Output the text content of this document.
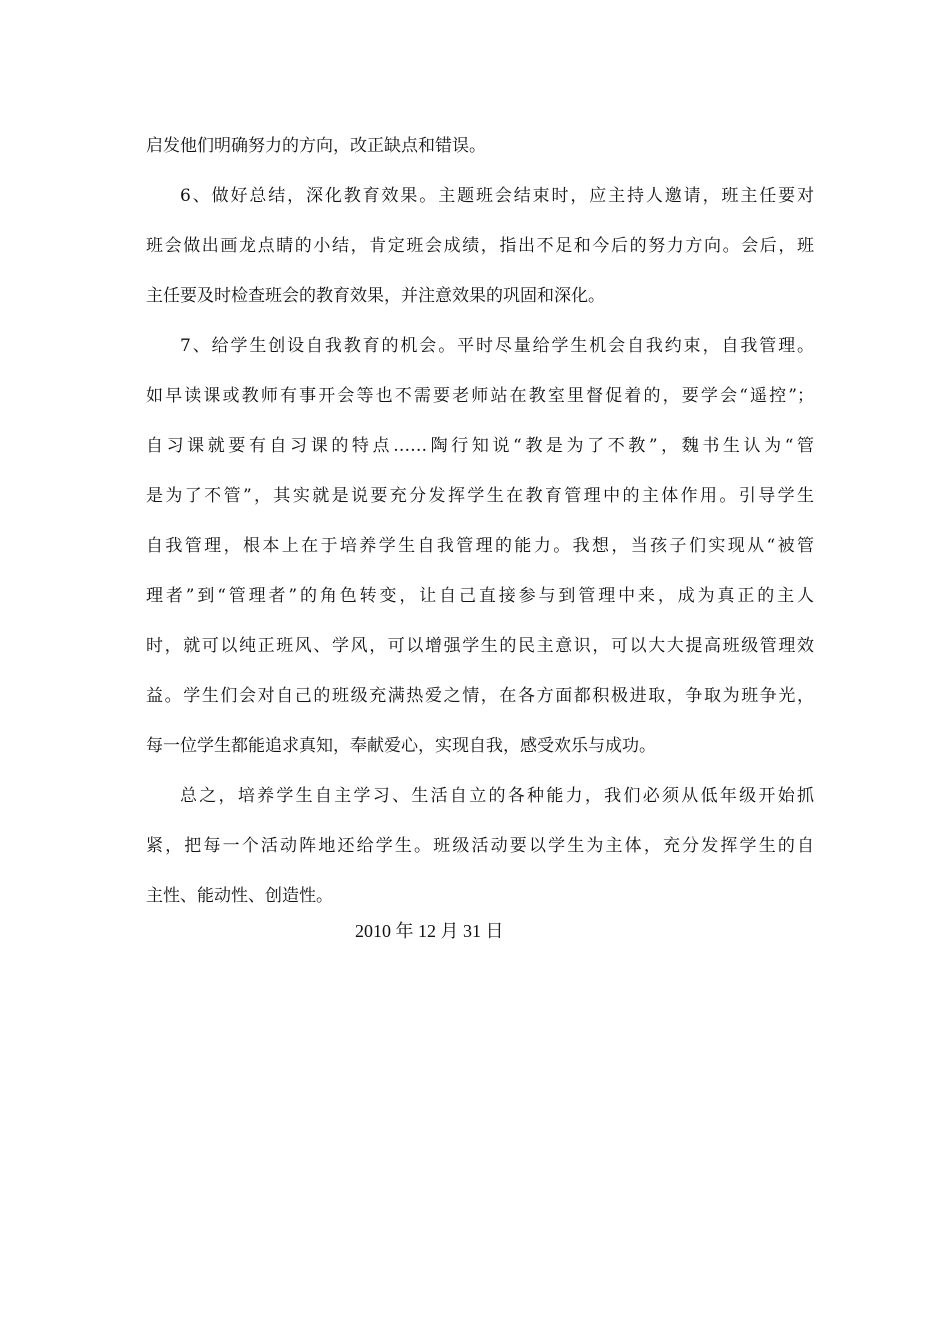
启发他们明确努力的方向，改正缺点和错误。

6、做好总结，深化教育效果。主题班会结束时，应主持人邀请，班主任要对

班会做出画龙点睛的小结，肯定班会成绩，指出不足和今后的努力方向。会后，班

主任要及时检查班会的教育效果，并注意效果的巩固和深化。

7、给学生创设自我教育的机会。平时尽量给学生机会自我约束，自我管理。

如早读课或教师有事开会等也不需要老师站在教室里督促着的，要学会“遥控”；

自习课就要有自习课的特点……陶行知说“教是为了不教”，魏书生认为“管

是为了不管”，其实就是说要充分发挥学生在教育管理中的主体作用。引导学生

自我管理，根本上在于培养学生自我管理的能力。我想，当孩子们实现从“被管

理者”到“管理者”的角色转变，让自己直接参与到管理中来，成为真正的主人

时，就可以纯正班风、学风，可以增强学生的民主意识，可以大大提高班级管理效

益。学生们会对自己的班级充满热爱之情，在各方面都积极进取，争取为班争光，

每一位学生都能追求真知，奉献爱心，实现自我，感受欢乐与成功。

总之，培养学生自主学习、生活自立的各种能力，我们必须从低年级开始抓

紧，把每一个活动阵地还给学生。班级活动要以学生为主体，充分发挥学生的自

主性、能动性、创造性。

2010 年 12 月 31 日
